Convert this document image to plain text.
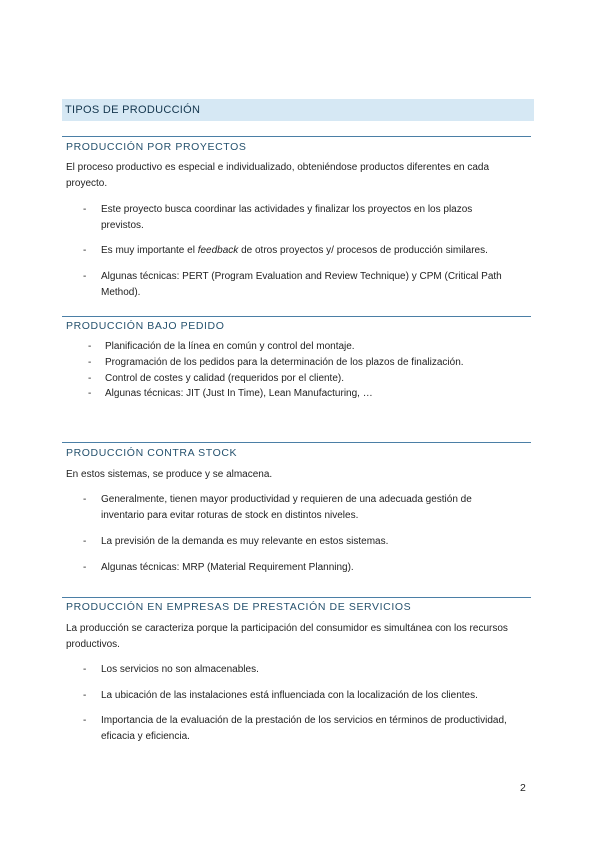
TIPOS DE PRODUCCIÓN
PRODUCCIÓN POR PROYECTOS
El proceso productivo es especial e individualizado, obteniéndose productos diferentes en cada proyecto.
- Este proyecto busca coordinar las actividades y finalizar los proyectos en los plazos previstos.
- Es muy importante el feedback de otros proyectos y/ procesos de producción similares.
- Algunas técnicas: PERT (Program Evaluation and Review Technique) y CPM (Critical Path Method).
PRODUCCIÓN BAJO PEDIDO
- Planificación de la línea en común y control del montaje.
- Programación de los pedidos para la determinación de los plazos de finalización.
- Control de costes y calidad (requeridos por el cliente).
- Algunas técnicas: JIT (Just In Time), Lean Manufacturing, …
PRODUCCIÓN CONTRA STOCK
En estos sistemas, se produce y se almacena.
- Generalmente, tienen mayor productividad y requieren de una adecuada gestión de inventario para evitar roturas de stock en distintos niveles.
- La previsión de la demanda es muy relevante en estos sistemas.
- Algunas técnicas: MRP (Material Requirement Planning).
PRODUCCIÓN EN EMPRESAS DE PRESTACIÓN DE SERVICIOS
La producción se caracteriza porque la participación del consumidor es simultánea con los recursos productivos.
- Los servicios no son almacenables.
- La ubicación de las instalaciones está influenciada con la localización de los clientes.
- Importancia de la evaluación de la prestación de los servicios en términos de productividad, eficacia y eficiencia.
2
